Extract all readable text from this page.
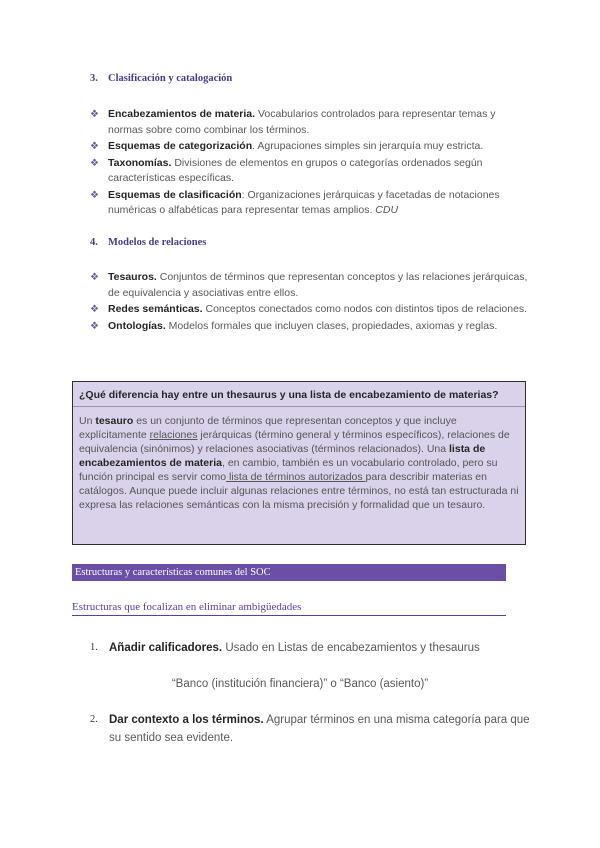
3. Clasificación y catalogación
❖ Encabezamientos de materia. Vocabularios controlados para representar temas y normas sobre como combinar los términos.
❖ Esquemas de categorización. Agrupaciones simples sin jerarquía muy estricta.
❖ Taxonomías. Divisiones de elementos en grupos o categorías ordenados según características específicas.
❖ Esquemas de clasificación: Organizaciones jerárquicas y facetadas de notaciones numéricas o alfabéticas para representar temas amplios. CDU
4. Modelos de relaciones
❖ Tesauros. Conjuntos de términos que representan conceptos y las relaciones jerárquicas, de equivalencia y asociativas entre ellos.
❖ Redes semánticas. Conceptos conectados como nodos con distintos tipos de relaciones.
❖ Ontologías. Modelos formales que incluyen clases, propiedades, axiomas y reglas.
¿Qué diferencia hay entre un thesaurus y una lista de encabezamiento de materias?
Un tesauro es un conjunto de términos que representan conceptos y que incluye explícitamente relaciones jerárquicas (término general y términos específicos), relaciones de equivalencia (sinónimos) y relaciones asociativas (términos relacionados). Una lista de encabezamientos de materia, en cambio, también es un vocabulario controlado, pero su función principal es servir como lista de términos autorizados para describir materias en catálogos. Aunque puede incluir algunas relaciones entre términos, no está tan estructurada ni expresa las relaciones semánticas con la misma precisión y formalidad que un tesauro.
Estructuras y características comunes del SOC
Estructuras que focalizan en eliminar ambigüedades
1. Añadir calificadores. Usado en Listas de encabezamientos y thesaurus
“Banco (institución financiera)” o “Banco (asiento)”
2. Dar contexto a los términos. Agrupar términos en una misma categoría para que su sentido sea evidente.
